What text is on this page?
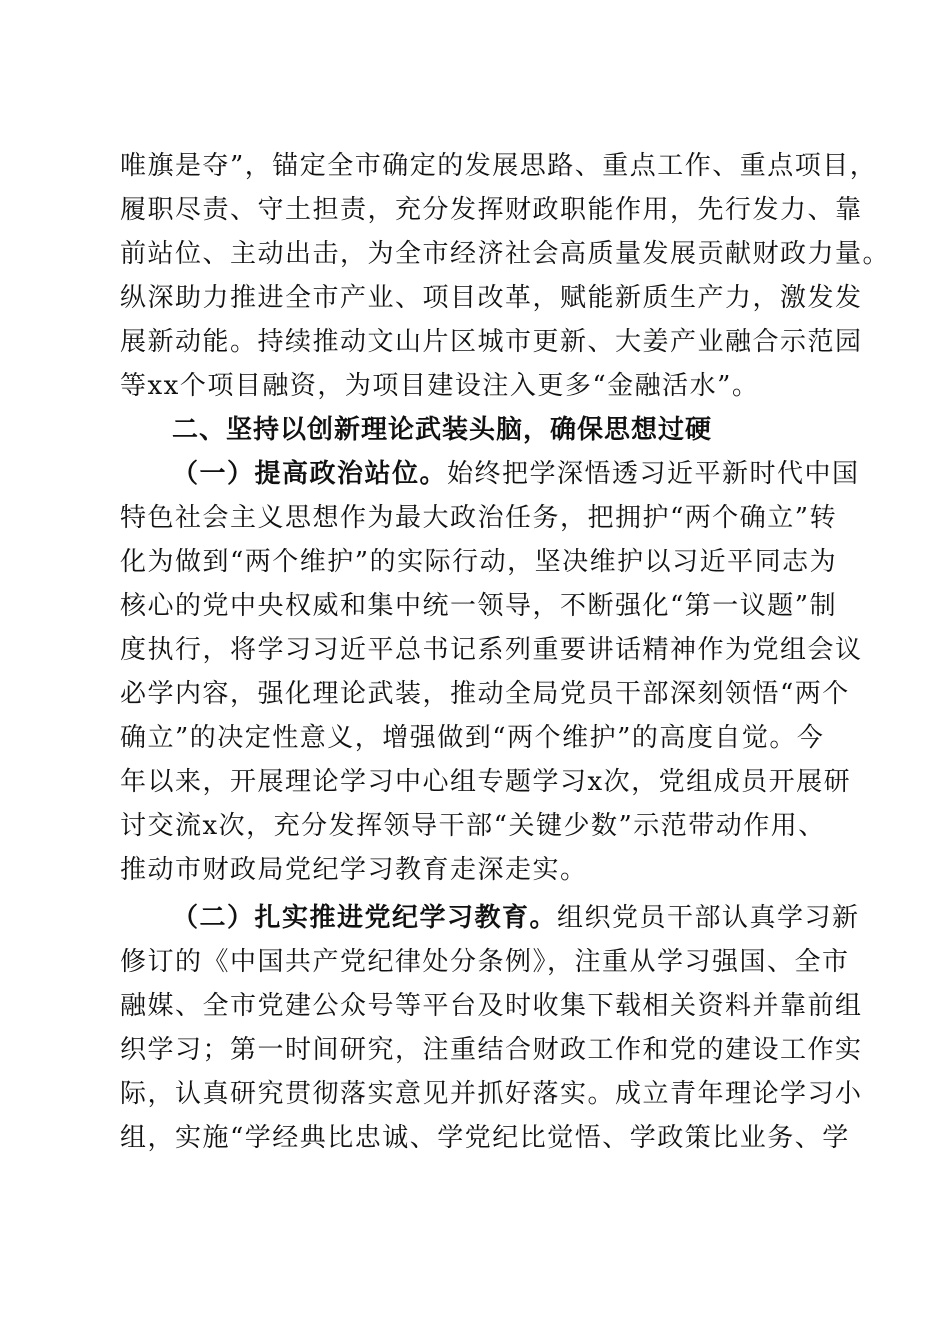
唯旗是夺”，锚定全市确定的发展思路、重点工作、重点项目，
履职尽责、守土担责，充分发挥财政职能作用，先行发力、靠
前站位、主动出击，为全市经济社会高质量发展贡献财政力量。
纵深助力推进全市产业、项目改革，赋能新质生产力，激发发
展新动能。持续推动文山片区城市更新、大姜产业融合示范园
等xx个项目融资，为项目建设注入更多“金融活水”。
二、坚持以创新理论武装头脑，确保思想过硬
（一）提高政治站位。始终把学深悟透习近平新时代中国
特色社会主义思想作为最大政治任务，把拥护“两个确立”转
化为做到“两个维护”的实际行动，坚决维护以习近平同志为
核心的党中央权威和集中统一领导，不断强化“第一议题”制
度执行，将学习习近平总书记系列重要讲话精神作为党组会议
必学内容，强化理论武装，推动全局党员干部深刻领悟“两个
确立”的决定性意义，增强做到“两个维护”的高度自觉。今
年以来，开展理论学习中心组专题学习x次，党组成员开展研
讨交流x次，充分发挥领导干部“关键少数”示范带动作用、
推动市财政局党纪学习教育走深走实。
（二）扎实推进党纪学习教育。组织党员干部认真学习新
修订的《中国共产党纪律处分条例》，注重从学习强国、全市
融媒、全市党建公众号等平台及时收集下载相关资料并靠前组
织学习；第一时间研究，注重结合财政工作和党的建设工作实
际，认真研究贯彻落实意见并抓好落实。成立青年理论学习小
组，实施“学经典比忠诚、学党纪比觉悟、学政策比业务、学
